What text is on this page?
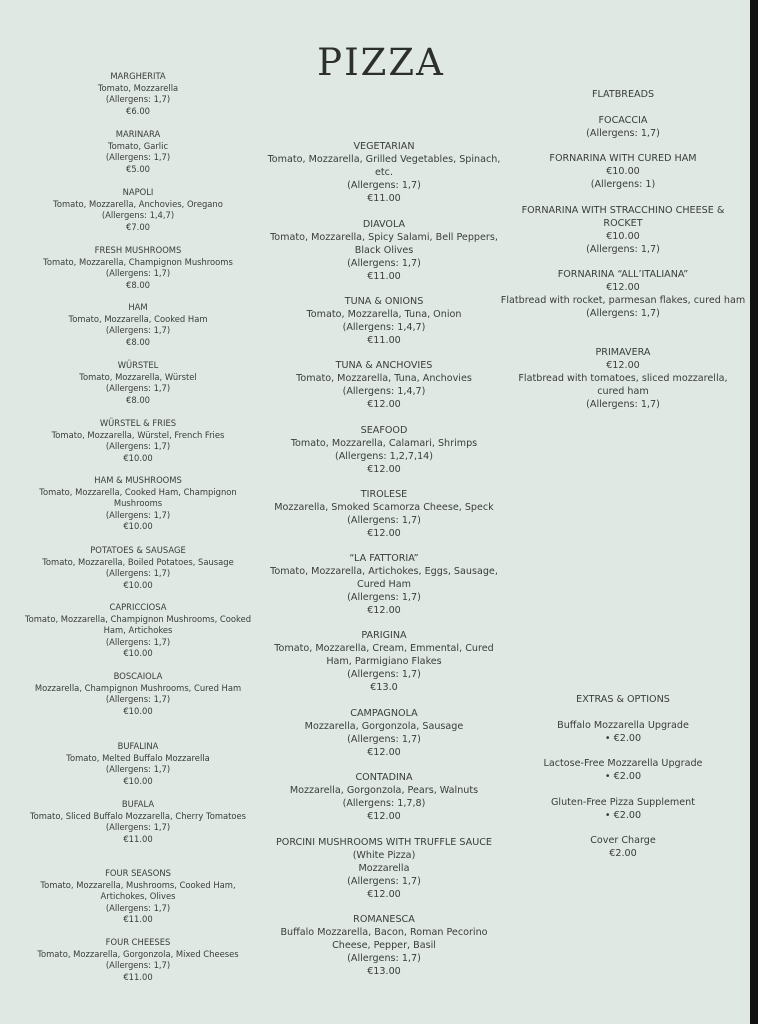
PIZZA
MARGHERITA
Tomato, Mozzarella
(Allergens: 1,7)
€6.00
MARINARA
Tomato, Garlic
(Allergens: 1,7)
€5.00
NAPOLI
Tomato, Mozzarella, Anchovies, Oregano
(Allergens: 1,4,7)
€7.00
FRESH MUSHROOMS
Tomato, Mozzarella, Champignon Mushrooms
(Allergens: 1,7)
€8.00
HAM
Tomato, Mozzarella, Cooked Ham
(Allergens: 1,7)
€8.00
WÜRSTEL
Tomato, Mozzarella, Würstel
(Allergens: 1,7)
€8.00
WÜRSTEL & FRIES
Tomato, Mozzarella, Würstel, French Fries
(Allergens: 1,7)
€10.00
HAM & MUSHROOMS
Tomato, Mozzarella, Cooked Ham, Champignon Mushrooms
(Allergens: 1,7)
€10.00
POTATOES & SAUSAGE
Tomato, Mozzarella, Boiled Potatoes, Sausage
(Allergens: 1,7)
€10.00
CAPRICCIOSA
Tomato, Mozzarella, Champignon Mushrooms, Cooked Ham, Artichokes
(Allergens: 1,7)
€10.00
BOSCAIOLA
Mozzarella, Champignon Mushrooms, Cured Ham
(Allergens: 1,7)
€10.00
BUFALINA
Tomato, Melted Buffalo Mozzarella
(Allergens: 1,7)
€10.00
BUFALA
Tomato, Sliced Buffalo Mozzarella, Cherry Tomatoes
(Allergens: 1,7)
€11.00
FOUR SEASONS
Tomato, Mozzarella, Mushrooms, Cooked Ham, Artichokes, Olives
(Allergens: 1,7)
€11.00
FOUR CHEESES
Tomato, Mozzarella, Gorgonzola, Mixed Cheeses
(Allergens: 1,7)
€11.00
VEGETARIAN
Tomato, Mozzarella, Grilled Vegetables, Spinach, etc.
(Allergens: 1,7)
€11.00
DIAVOLA
Tomato, Mozzarella, Spicy Salami, Bell Peppers, Black Olives
(Allergens: 1,7)
€11.00
TUNA & ONIONS
Tomato, Mozzarella, Tuna, Onion
(Allergens: 1,4,7)
€11.00
TUNA & ANCHOVIES
Tomato, Mozzarella, Tuna, Anchovies
(Allergens: 1,4,7)
€12.00
SEAFOOD
Tomato, Mozzarella, Calamari, Shrimps
(Allergens: 1,2,7,14)
€12.00
TIROLESE
Mozzarella, Smoked Scamorza Cheese, Speck
(Allergens: 1,7)
€12.00
“LA FATTORIA”
Tomato, Mozzarella, Artichokes, Eggs, Sausage, Cured Ham
(Allergens: 1,7)
€12.00
PARIGINA
Tomato, Mozzarella, Cream, Emmental, Cured Ham, Parmigiano Flakes
(Allergens: 1,7)
€13.0
CAMPAGNOLA
Mozzarella, Gorgonzola, Sausage
(Allergens: 1,7)
€12.00
CONTADINA
Mozzarella, Gorgonzola, Pears, Walnuts
(Allergens: 1,7,8)
€12.00
PORCINI MUSHROOMS WITH TRUFFLE SAUCE
(White Pizza)
Mozzarella
(Allergens: 1,7)
€12.00
ROMANESCA
Buffalo Mozzarella, Bacon, Roman Pecorino Cheese, Pepper, Basil
(Allergens: 1,7)
€13.00
FLATBREADS
FOCACCIA
(Allergens: 1,7)
FORNARINA WITH CURED HAM
€10.00
(Allergens: 1)
FORNARINA WITH STRACCHINO CHEESE & ROCKET
€10.00
(Allergens: 1,7)
FORNARINA “ALL’ITALIANA”
€12.00
Flatbread with rocket, parmesan flakes, cured ham
(Allergens: 1,7)
PRIMAVERA
€12.00
Flatbread with tomatoes, sliced mozzarella, cured ham
(Allergens: 1,7)
EXTRAS & OPTIONS
Buffalo Mozzarella Upgrade
• €2.00
Lactose-Free Mozzarella Upgrade
• €2.00
Gluten-Free Pizza Supplement
• €2.00
Cover Charge
€2.00
